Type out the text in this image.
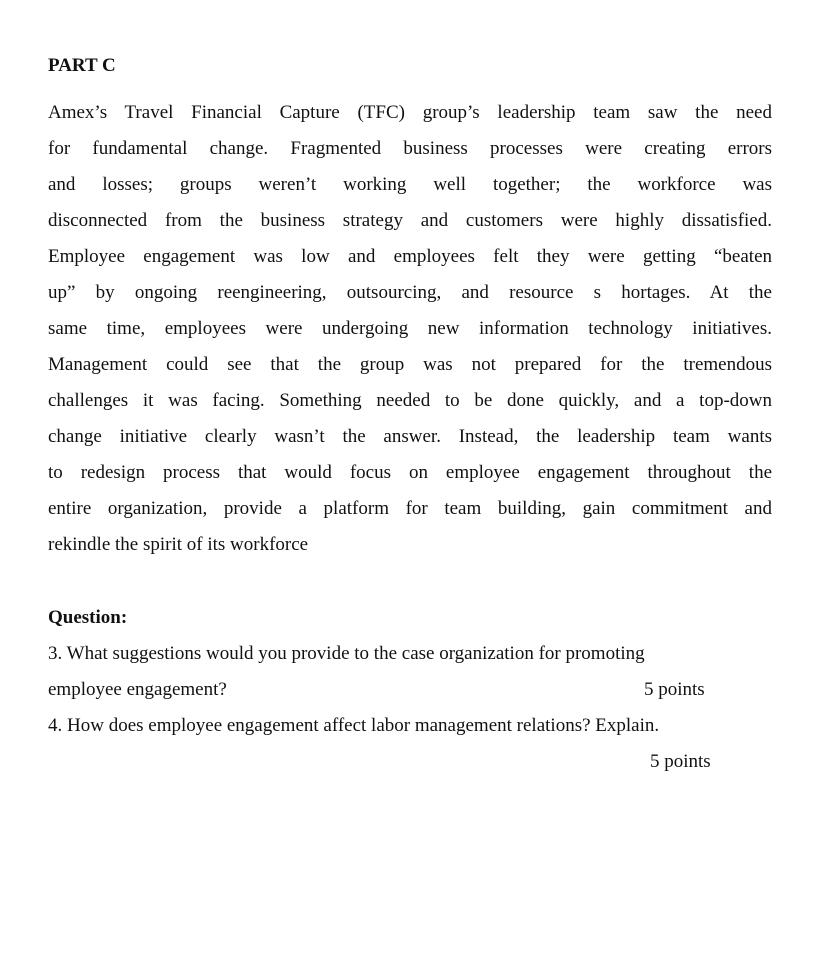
PART C
Amex’s Travel Financial Capture (TFC) group’s leadership team saw the need
for fundamental change. Fragmented business processes were creating errors
and losses; groups weren’t working well together; the workforce was
disconnected from the business strategy and customers were highly dissatisfied.
Employee engagement was low and employees felt they were getting “beaten
up” by ongoing reengineering, outsourcing, and resource s hortages. At the
same time, employees were undergoing new information technology initiatives.
Management could see that the group was not prepared for the tremendous
challenges it was facing. Something needed to be done quickly, and a top-down
change initiative clearly wasn’t the answer. Instead, the leadership team wants
to redesign process that would focus on employee engagement throughout the
entire organization, provide a platform for team building, gain commitment and
rekindle the spirit of its workforce
Question:
3. What suggestions would you provide to the case organization for promoting
employee engagement?	5 points
4. How does employee engagement affect labor management relations? Explain.
5 points
